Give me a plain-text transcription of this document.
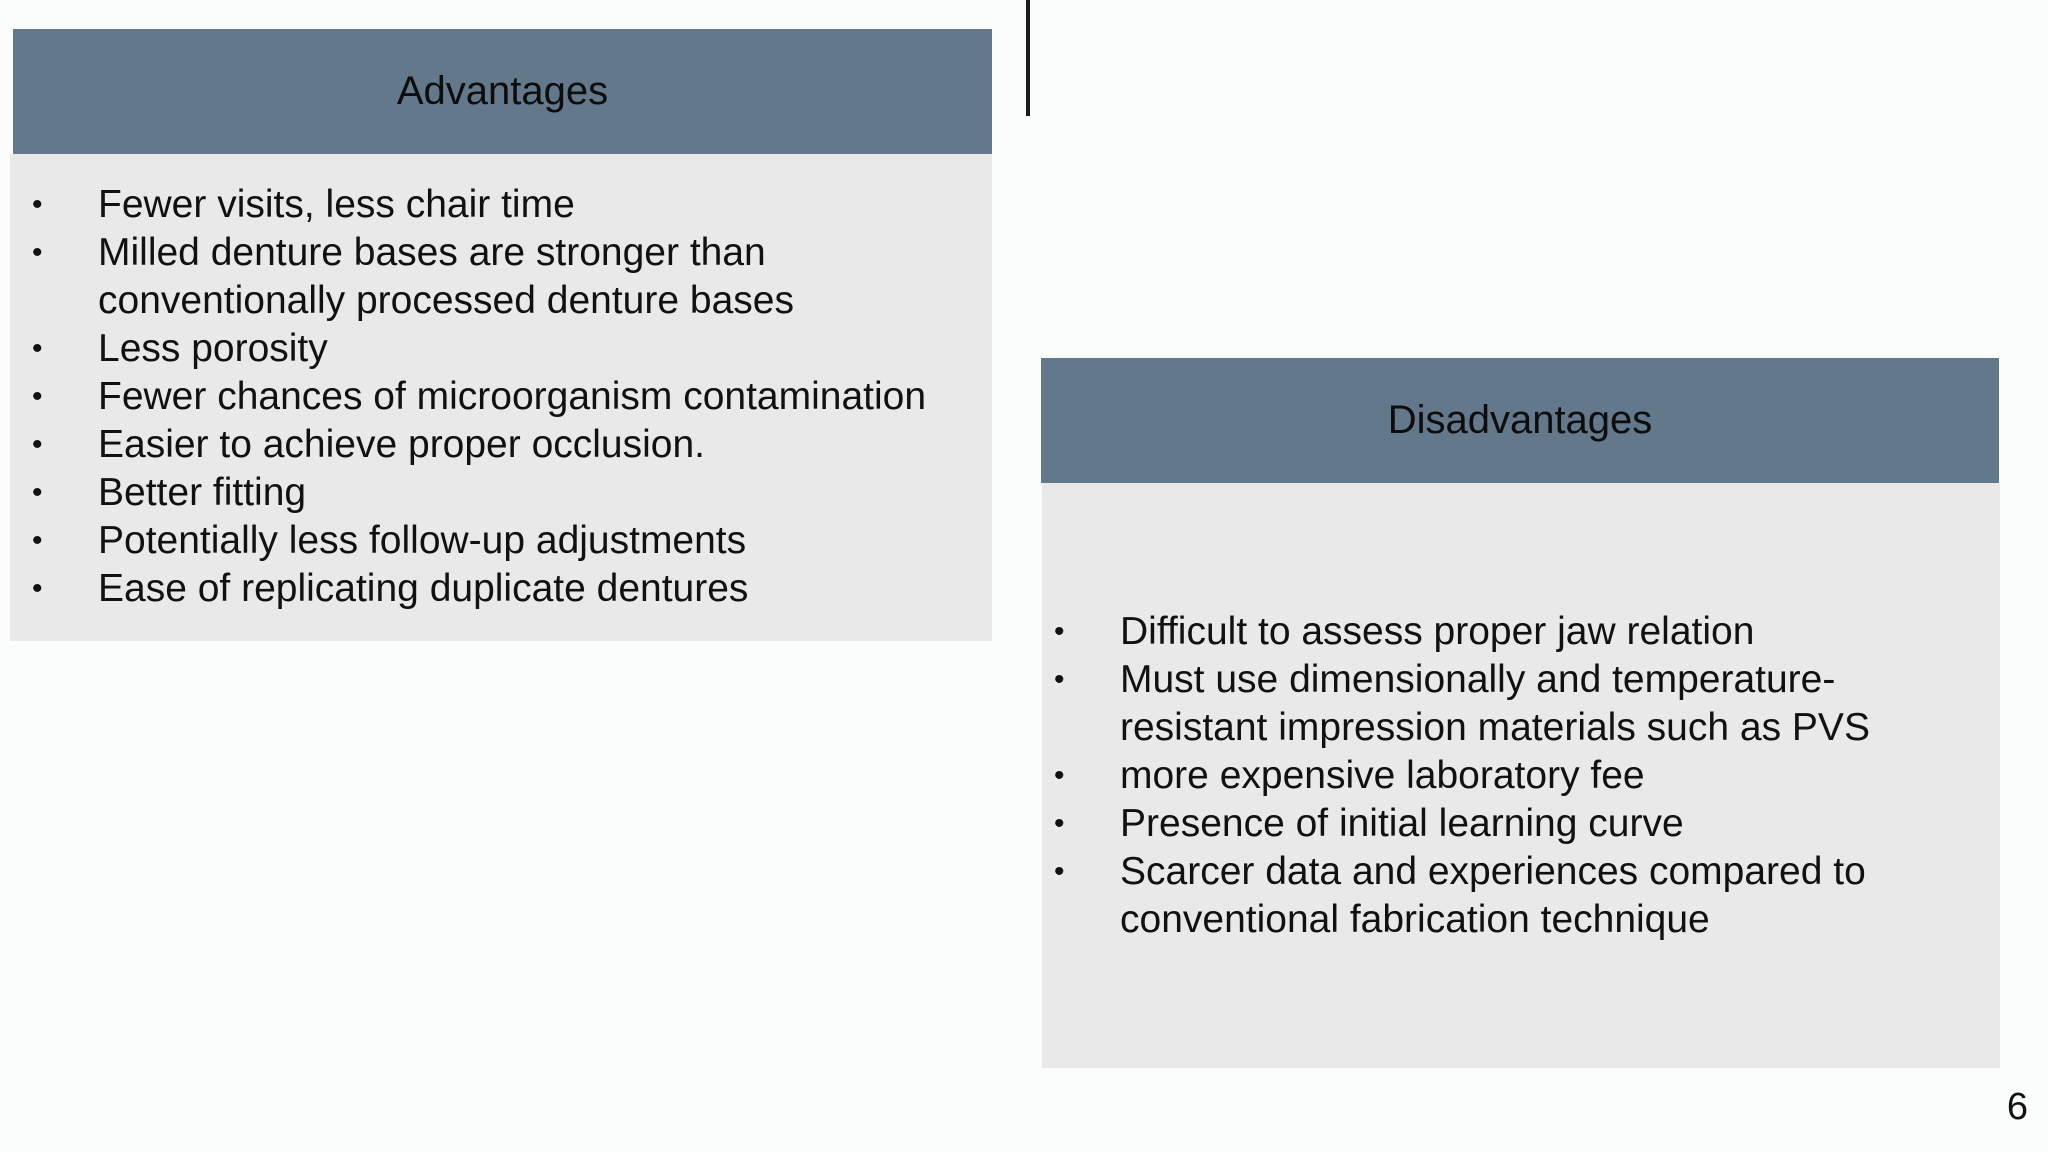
Advantages
• Fewer visits, less chair time
• Milled denture bases are stronger than conventionally processed denture bases
• Less porosity
• Fewer chances of microorganism contamination
• Easier to achieve proper occlusion.
• Better fitting
• Potentially less follow-up adjustments
• Ease of replicating duplicate dentures
Disadvantages
• Difficult to assess proper jaw relation
• Must use dimensionally and temperature-resistant impression materials such as PVS
• more expensive laboratory fee
• Presence of initial learning curve
• Scarcer data and experiences compared to conventional fabrication technique
6
